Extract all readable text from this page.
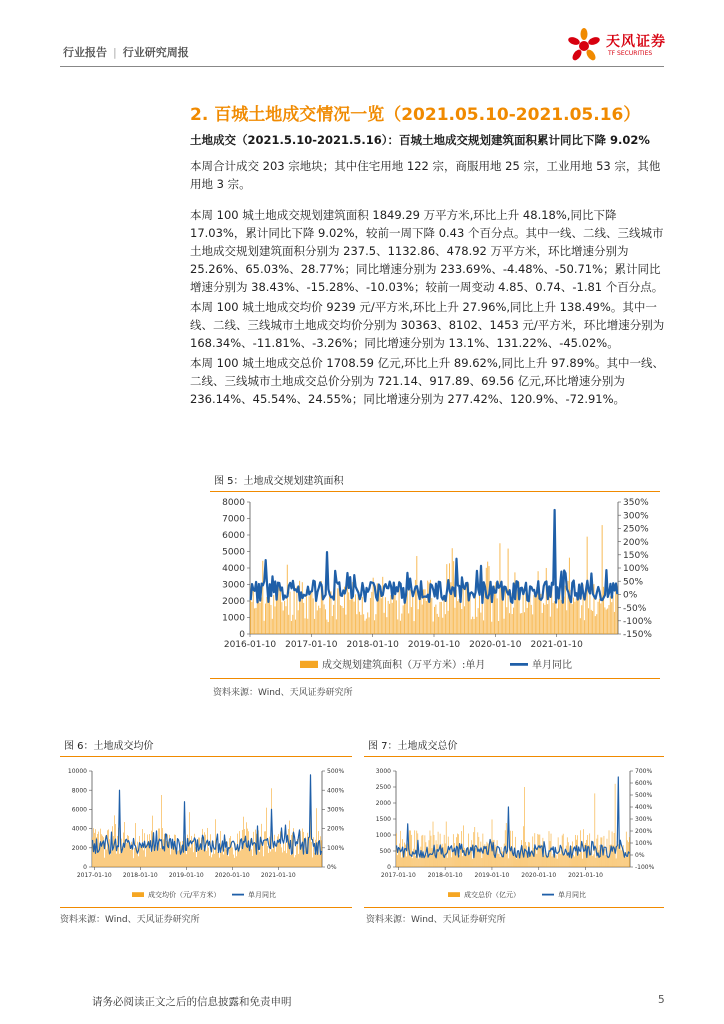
行业报告 | 行业研究周报
天风证券
TF SECURITIES
2. 百城土地成交情况一览（2021.05.10-2021.05.16）
土地成交（2021.5.10-2021.5.16）：百城土地成交规划建筑面积累计同比下降 9.02%

本周合计成交 203 宗地块；其中住宅用地 122 宗，商服用地 25 宗，工业用地 53 宗，其他用地 3 宗。

本周 100 城土地成交规划建筑面积 1849.29 万平方米,环比上升 48.18%,同比下降 17.03%，累计同比下降 9.02%，较前一周下降 0.43 个百分点。其中一线、二线、三线城市土地成交规划建筑面积分别为 237.5、1132.86、478.92 万平方米，环比增速分别为 25.26%、65.03%、28.77%；同比增速分别为 233.69%、-4.48%、-50.71%；累计同比增速分别为 38.43%、-15.28%、-10.03%；较前一周变动 4.85、0.74、-1.81 个百分点。

本周 100 城土地成交均价 9239 元/平方米,环比上升 27.96%,同比上升 138.49%。其中一线、二线、三线城市土地成交均价分别为 30363、8102、1453 元/平方米，环比增速分别为 168.34%、-11.81%、-3.26%；同比增速分别为 13.1%、131.22%、-45.02%。

本周 100 城土地成交总价 1708.59 亿元,环比上升 89.62%,同比上升 97.89%。其中一线、二线、三线城市土地成交总价分别为 721.14、917.89、69.56 亿元,环比增速分别为 236.14%、45.54%、24.55%；同比增速分别为 277.42%、120.9%、-72.91%。

图 5：土地成交规划建筑面积
0
1000
2000
3000
4000
5000
6000
7000
8000
-150%
-100%
-50%
0%
50%
100%
150%
200%
250%
300%
350%
2016-01-10 2017-01-10 2018-01-10 2019-01-10 2020-01-10 2021-01-10
成交规划建筑面积（万平方米）:单月	单月同比
资料来源：Wind、天风证券研究所
图 6：土地成交均价
0
2000
4000
6000
8000
10000
0%
100%
200%
300%
400%
500%
2017-01-10 2018-01-10 2019-01-10 2020-01-10 2021-01-10
成交均价（元/平方米）	单月同比
资料来源：Wind、天风证券研究所
图 7：土地成交总价
0
500
1000
1500
2000
2500
3000
-100%
0%
100%
200%
300%
400%
500%
600%
700%
2017-01-10 2018-01-10 2019-01-10 2020-01-10 2021-01-10
成交总价（亿元）	单月同比
资料来源：Wind、天风证券研究所
请务必阅读正文之后的信息披露和免责申明	5
